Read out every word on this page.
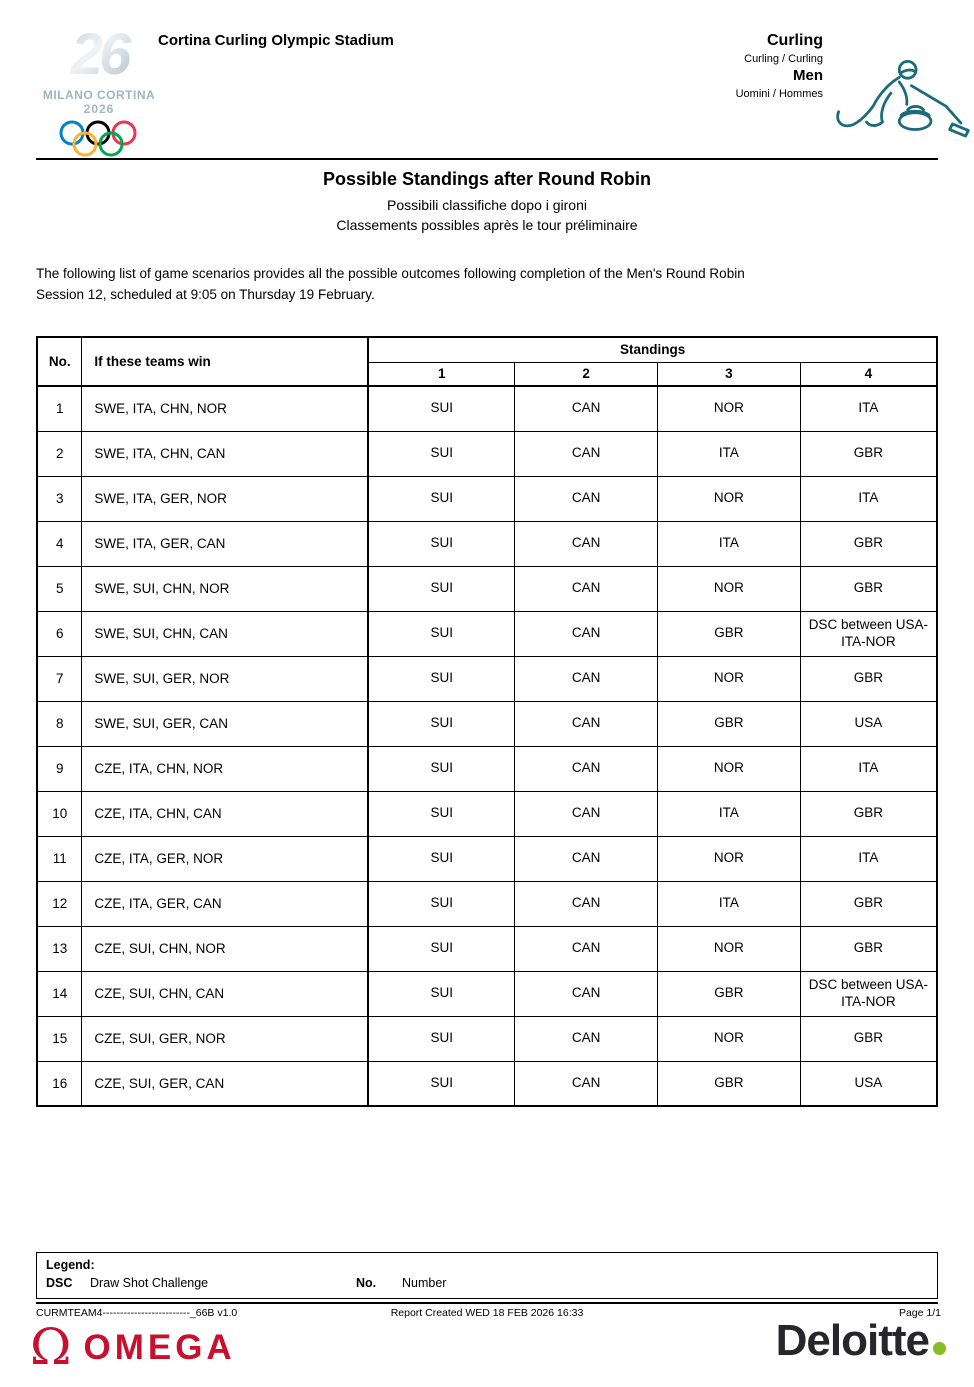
26
MILANO CORTINA
2026
Cortina Curling Olympic Stadium	Curling
Curling / Curling
Men
Uomini / Hommes
Possible Standings after Round Robin
Possibili classifiche dopo i gironi
Classements possibles après le tour préliminaire
The following list of game scenarios provides all the possible outcomes following completion of the Men's Round Robin Session 12, scheduled at 9:05 on Thursday 19 February.
No.	If these teams win	Standings			
		1	2	3	4
1	SWE, ITA, CHN, NOR	SUI	CAN	NOR	ITA
2	SWE, ITA, CHN, CAN	SUI	CAN	ITA	GBR
3	SWE, ITA, GER, NOR	SUI	CAN	NOR	ITA
4	SWE, ITA, GER, CAN	SUI	CAN	ITA	GBR
5	SWE, SUI, CHN, NOR	SUI	CAN	NOR	GBR
6	SWE, SUI, CHN, CAN	SUI	CAN	GBR	DSC between USA-ITA-NOR
7	SWE, SUI, GER, NOR	SUI	CAN	NOR	GBR
8	SWE, SUI, GER, CAN	SUI	CAN	GBR	USA
9	CZE, ITA, CHN, NOR	SUI	CAN	NOR	ITA
10	CZE, ITA, CHN, CAN	SUI	CAN	ITA	GBR
11	CZE, ITA, GER, NOR	SUI	CAN	NOR	ITA
12	CZE, ITA, GER, CAN	SUI	CAN	ITA	GBR
13	CZE, SUI, CHN, NOR	SUI	CAN	NOR	GBR
14	CZE, SUI, CHN, CAN	SUI	CAN	GBR	DSC between USA-ITA-NOR
15	CZE, SUI, GER, NOR	SUI	CAN	NOR	GBR
16	CZE, SUI, GER, CAN	SUI	CAN	GBR	USA
Legend:
DSC	Draw Shot Challenge	No.	Number
CURMTEAM4-------------------------_66B v1.0	Report Created WED 18 FEB 2026 16:33	Page 1/1
Ω OMEGA	Deloitte
